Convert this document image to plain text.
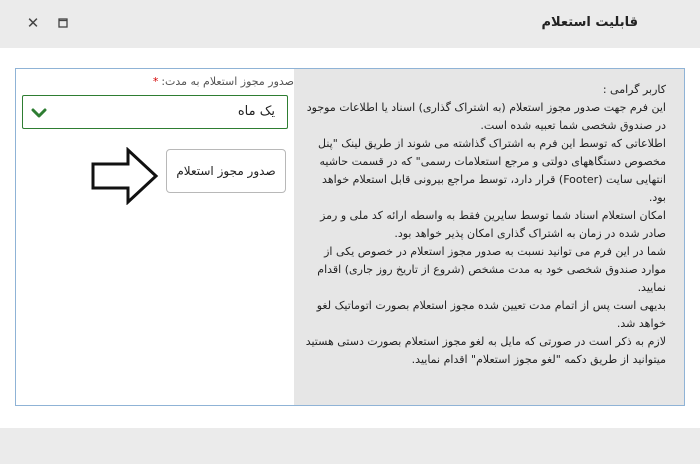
قابلیت استعلام
✕

کاربر گرامی :

این فرم جهت صدور مجوز استعلام (به اشتراک گذاری) اسناد یا اطلاعات موجود در صندوق شخصی شما تعبیه شده است.

اطلاعاتی که توسط این فرم به اشتراک گذاشته می شوند از طریق لینک "پنل مخصوص دستگاههای دولتی و مرجع استعلامات رسمی" که در قسمت حاشیه انتهایی سایت (Footer) قرار دارد، توسط مراجع بیرونی قابل استعلام خواهد بود.

امکان استعلام اسناد شما توسط سایرین فقط به واسطه ارائه کد ملی و رمز صادر شده در زمان به اشتراک گذاری امکان پذیر خواهد بود.

شما در این فرم می توانید نسبت به صدور مجوز استعلام در خصوص یکی از موارد صندوق شخصی خود به مدت مشخص (شروع از تاریخ روز جاری) اقدام نمایید.

بدیهی است پس از اتمام مدت تعیین شده مجوز استعلام بصورت اتوماتیک لغو خواهد شد.

لازم به ذکر است در صورتی که مایل به لغو مجوز استعلام بصورت دستی هستید میتوانید از طریق دکمه "لغو مجوز استعلام" اقدام نمایید.

صدور مجوز استعلام به مدت:*
یک ماه
صدور مجوز استعلام
